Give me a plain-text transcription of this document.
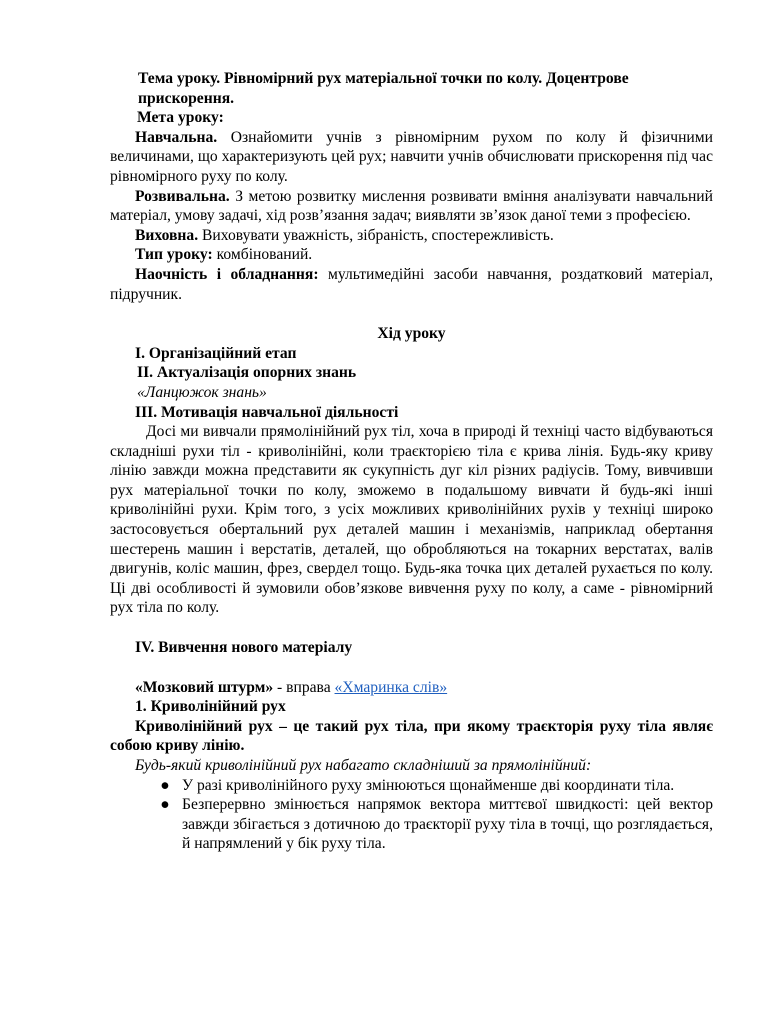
Тема уроку. Рівномірний рух матеріальної точки по колу. Доцентрове прискорення.

Мета уроку:

Навчальна. Ознайомити учнів з рівномірним рухом по колу й фізичними величинами, що характеризують цей рух; навчити учнів обчислювати прискорення під час рівномірного руху по колу.

Розвивальна. З метою розвитку мислення розвивати вміння аналізувати навчальний матеріал, умову задачі, хід розв’язання задач; виявляти зв’язок даної теми з професією.

Виховна. Виховувати уважність, зібраність, спостережливість.

Тип уроку: комбінований.

Наочність і обладнання: мультимедійні засоби навчання, роздатковий матеріал, підручник.

Хід уроку

I. Організаційний етап

II. Актуалізація опорних знань

«Ланцюжок знань»

III. Мотивація навчальної діяльності

Досі ми вивчали прямолінійний рух тіл, хоча в природі й техніці часто відбуваються складніші рухи тіл - криволінійні, коли траєкторією тіла є крива лінія. Будь-яку криву лінію завжди можна представити як сукупність дуг кіл різних радіусів. Тому, вивчивши рух матеріальної точки по колу, зможемо в подальшому вивчати й будь-які інші криволінійні рухи. Крім того, з усіх можливих криволінійних рухів у техніці широко застосовується обертальний рух деталей машин і механізмів, наприклад обертання шестерень машин і верстатів, деталей, що обробляються на токарних верстатах, валів двигунів, коліс машин, фрез, свердел тощо. Будь-яка точка цих деталей рухається по колу. Ці дві особливості й зумовили обов’язкове вивчення руху по колу, а саме - рівномірний рух тіла по колу.

IV. Вивчення нового матеріалу

«Мозковий штурм» - вправа «Хмаринка слів»

1. Криволінійний рух

Криволінійний рух – це такий рух тіла, при якому траєкторія руху тіла являє собою криву лінію.

Будь-який криволінійний рух набагато складніший за прямолінійний:

● У разі криволінійного руху змінюються щонайменше дві координати тіла.
● Безперервно змінюється напрямок вектора миттєвої швидкості: цей вектор завжди збігається з дотичною до траєкторії руху тіла в точці, що розглядається, й напрямлений у бік руху тіла.
